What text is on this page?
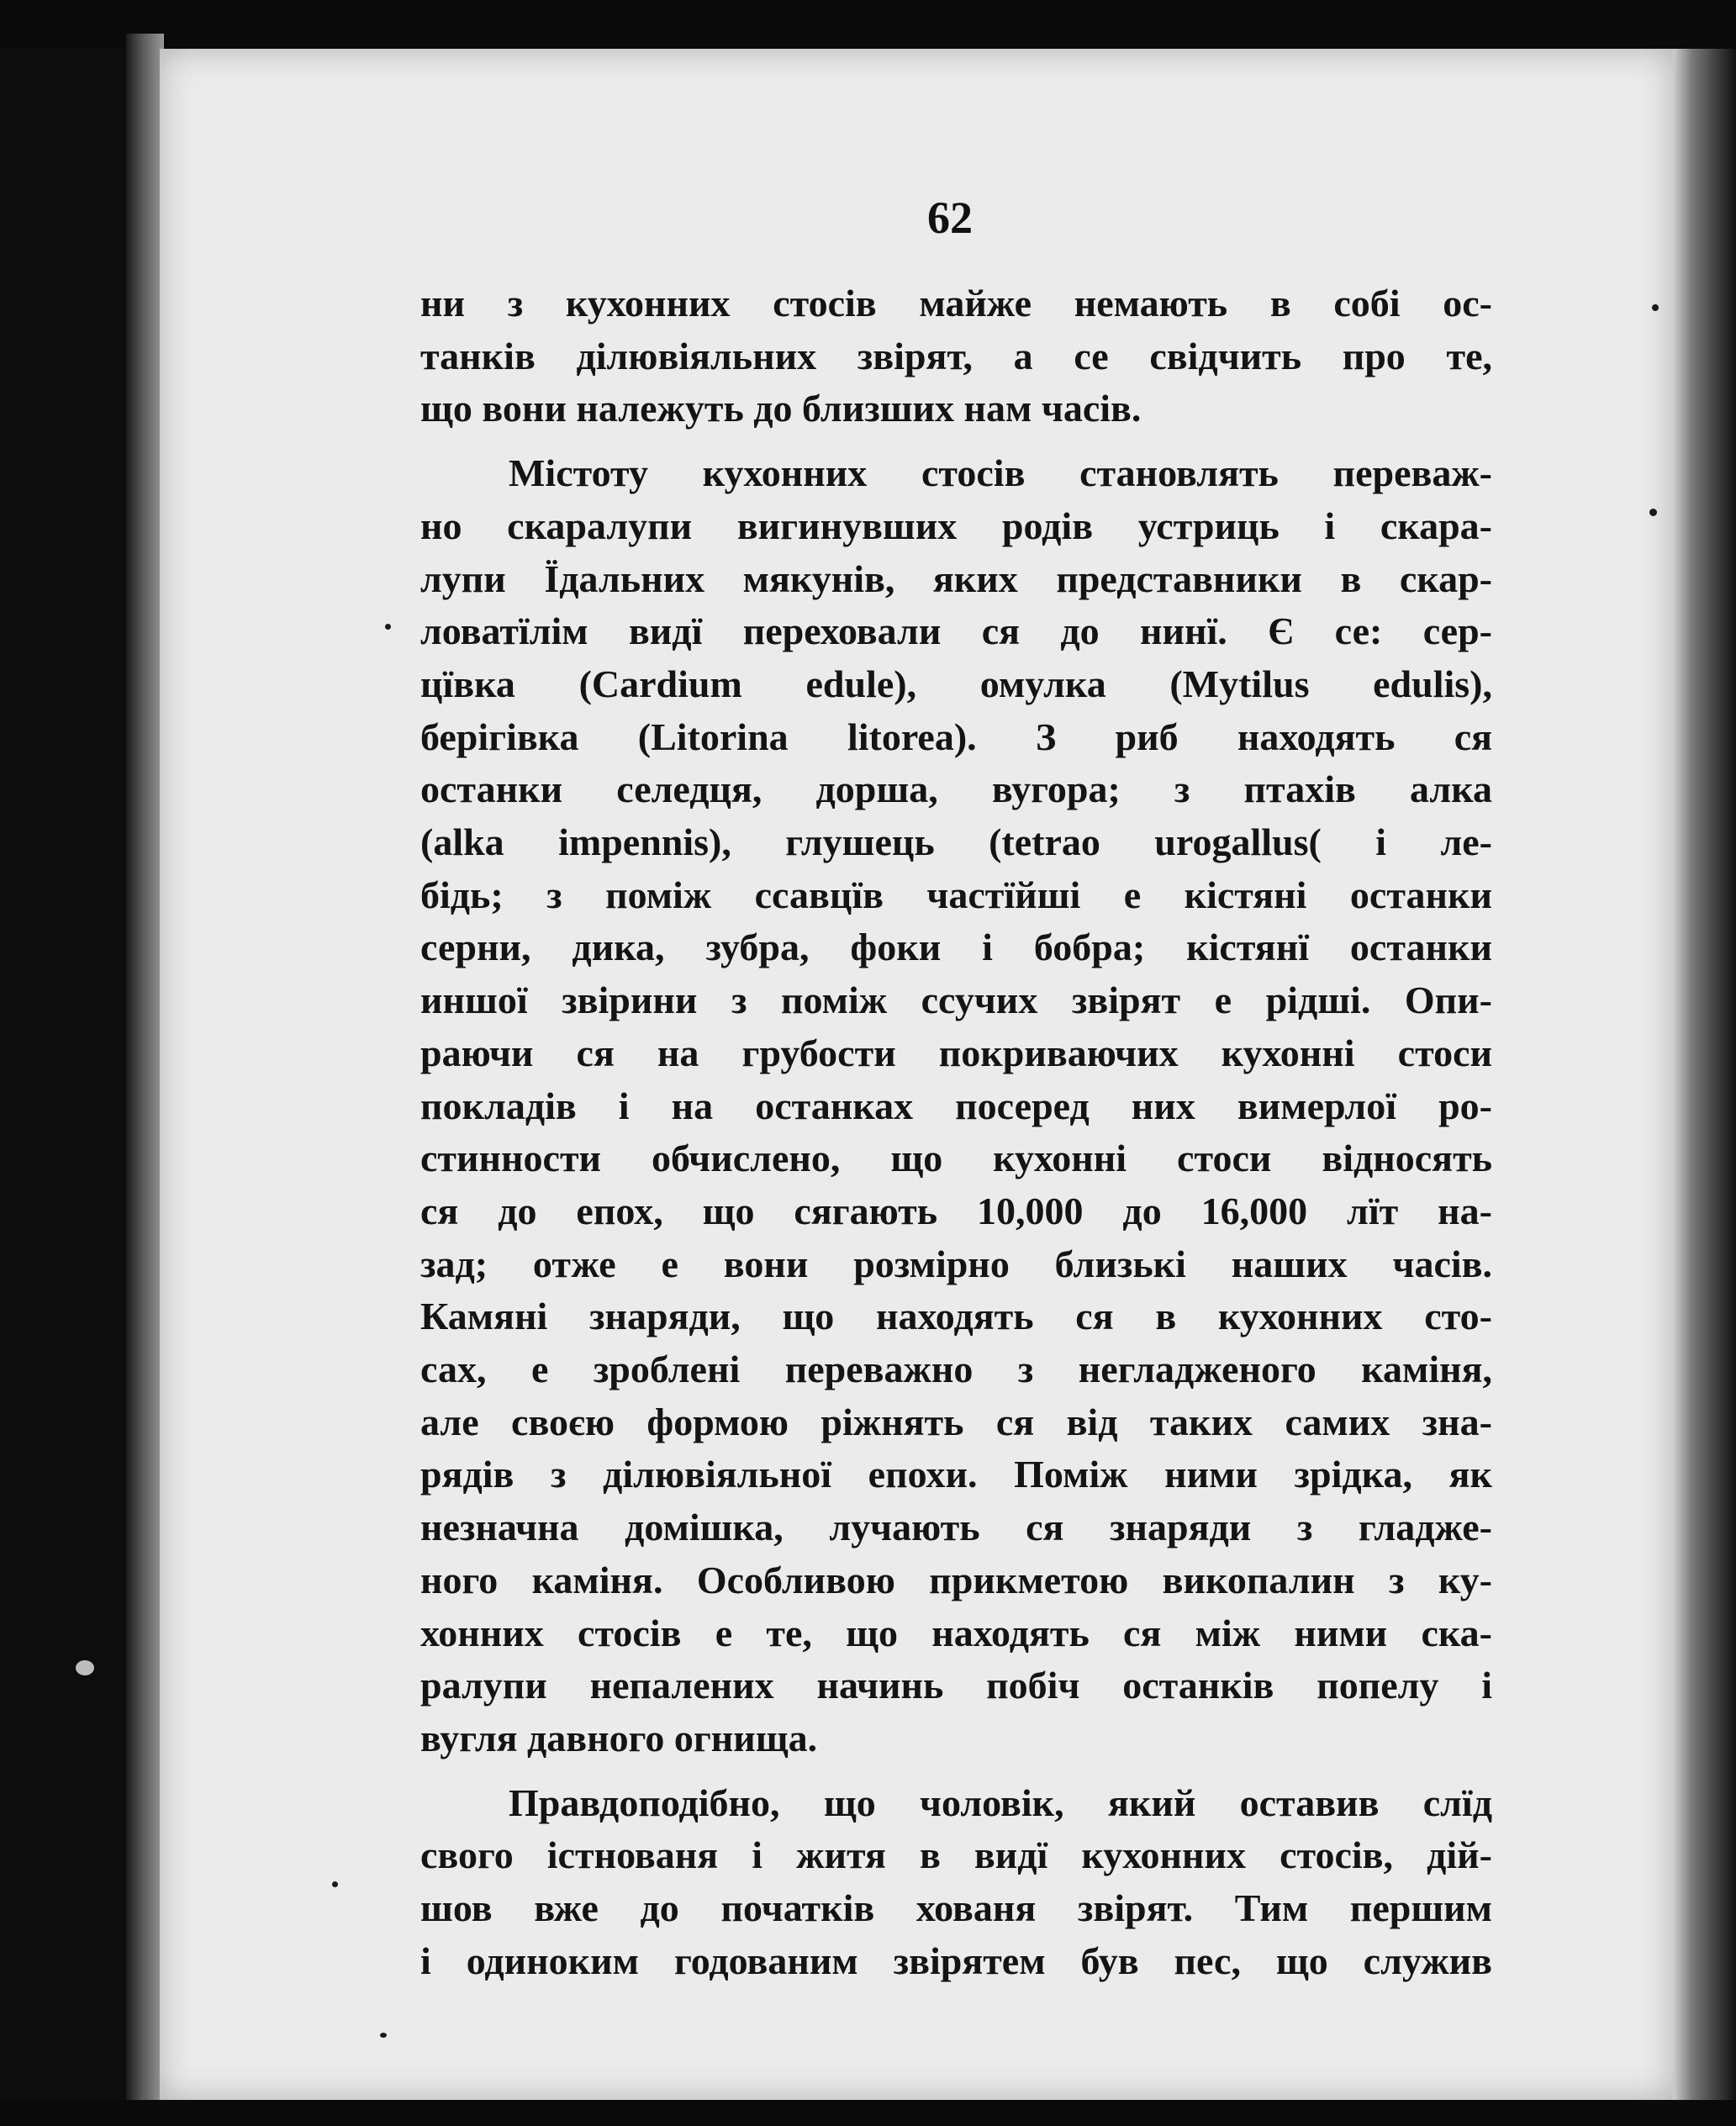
62
ни з кухонних стосів майже немають в собі ос-
танків ділювіяльних звірят, а се свідчить про те,
що вони належуть до близших нам часів.
Містоту кухонних стосів становлять переваж-
но скаралупи вигинувших родів устриць і скара-
лупи Їдальних мякунів, яких представники в скар-
ловатїлім видї переховали ся до нинї. Є се: сер-
цївка (Cardium edule), омулка (Mytilus edulis),
берігівка (Litorina litorea). З риб находять ся
останки селедця, дорша, вугора; з птахів алка
(alka impennis), глушець (tetrao urogallus( і ле-
бідь; з поміж ссавцїв частїйші е кістяні останки
серни, дика, зубра, фоки і бобра; кістянї останки
иншої звірини з поміж ссучих звірят е рідші. Опи-
раючи ся на грубости покриваючих кухонні стоси
покладів і на останках посеред них вимерлої ро-
стинности обчислено, що кухонні стоси відносять
ся до епох, що сягають 10,000 до 16,000 лїт на-
зад; отже е вони розмірно близькі наших часів.
Камяні знаряди, що находять ся в кухонних сто-
сах, е зроблені переважно з негладженого каміня,
але своєю формою ріжнять ся від таких самих зна-
рядів з ділювіяльної епохи. Поміж ними зрідка, як
незначна домішка, лучають ся знаряди з гладже-
ного каміня. Особливою прикметою викопалин з ку-
хонних стосів е те, що находять ся між ними ска-
ралупи непалених начинь побіч останків попелу і
вугля давного огнища.
Правдоподібно, що чоловік, який оставив слїд
свого істнованя і житя в видї кухонних стосів, дій-
шов вже до початків хованя звірят. Тим першим
і одиноким годованим звірятем був пес, що служив
